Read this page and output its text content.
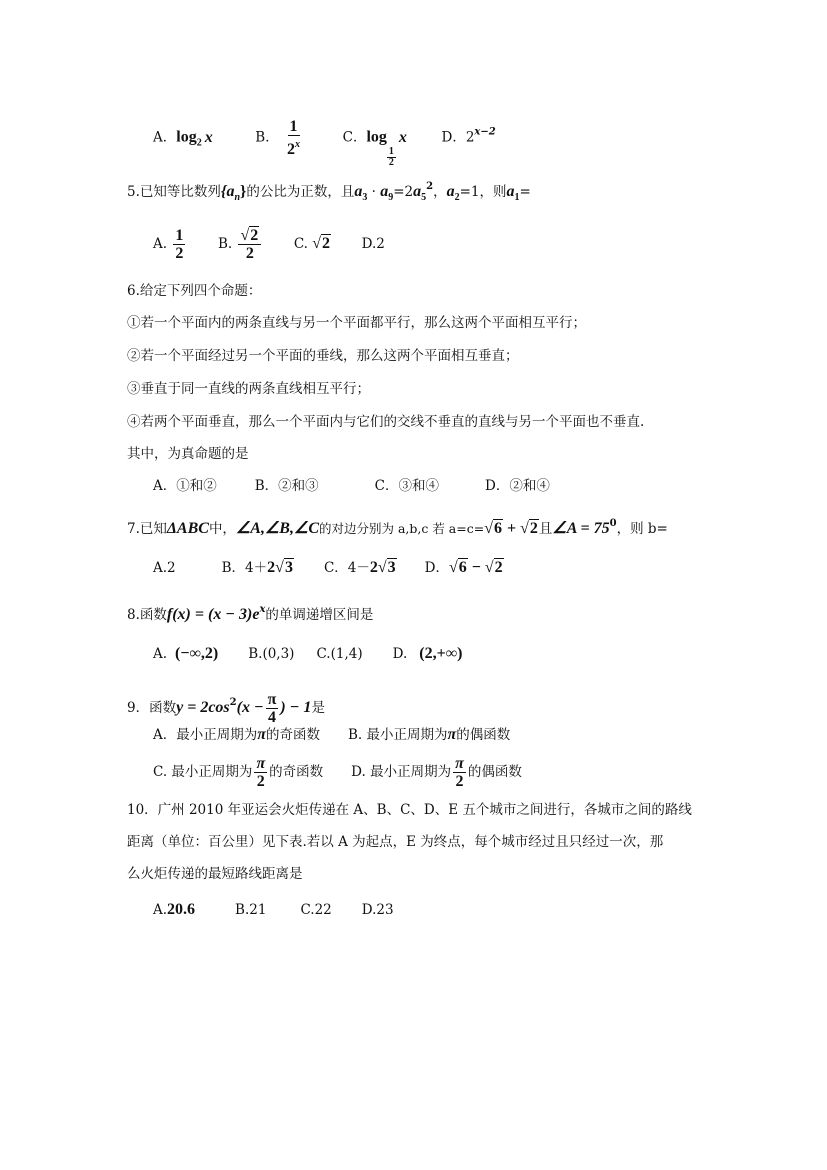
A．$\log_2 x$	B． $\frac{1}{2^x}$	C．log
$\frac{1}{2}$
x	D．$2^{x-2}$
5.已知等比数列$\{a_n\}$的公比为正数，且$a_3 \cdot a_9=2a_5^2$，$a_2=1$，则$a_1=$
A. $\frac{1}{2} B$. $\frac{√2}{2} C$. √2 D.2
6.给定下列四个命题：
①若一个平面内的两条直线与另一个平面都平行，那么这两个平面相互平行；
②若一个平面经过另一个平面的垂线，那么这两个平面相互垂直；
③垂直于同一直线的两条直线相互平行；
④若两个平面垂直，那么一个平面内与它们的交线不垂直的直线与另一个平面也不垂直.
其中，为真命题的是
A．①和②	B．②和③	C．③和④	D．②和④
7.已知ΔABC中，∠A,∠B,∠C的对边分别为 a,b,c 若 a=c=√6 + √2且∠A = $75^0$，则 b=
A.2	B．4＋2√3 C．4－2√3 D．√6 − √2
8.函数$f(x) = (x - 3)e^x$的单调递增区间是
A. (−∞,2) B.(0,3) C.(1,4) D. (2,+∞)
9．函数$y = 2\cos^2(x - \frac{\pi}{4}$ ) − 1是
A．最小正周期为π的奇函数 B. 最小正周期为π的偶函数
C. 最小正周期为 $\frac{\pi}{2}$ 的奇函数 D. 最小正周期为 $\frac{\pi}{2}$ 的偶函数
10．广州 2010 年亚运会火炬传递在 A、B、C、D、E 五个城市之间进行，各城市之间的路线
距离（单位：百公里）见下表.若以 A 为起点，E 为终点，每个城市经过且只经过一次，那
么火炬传递的最短路线距离是
A.20.6	B.21	C.22 D.23
